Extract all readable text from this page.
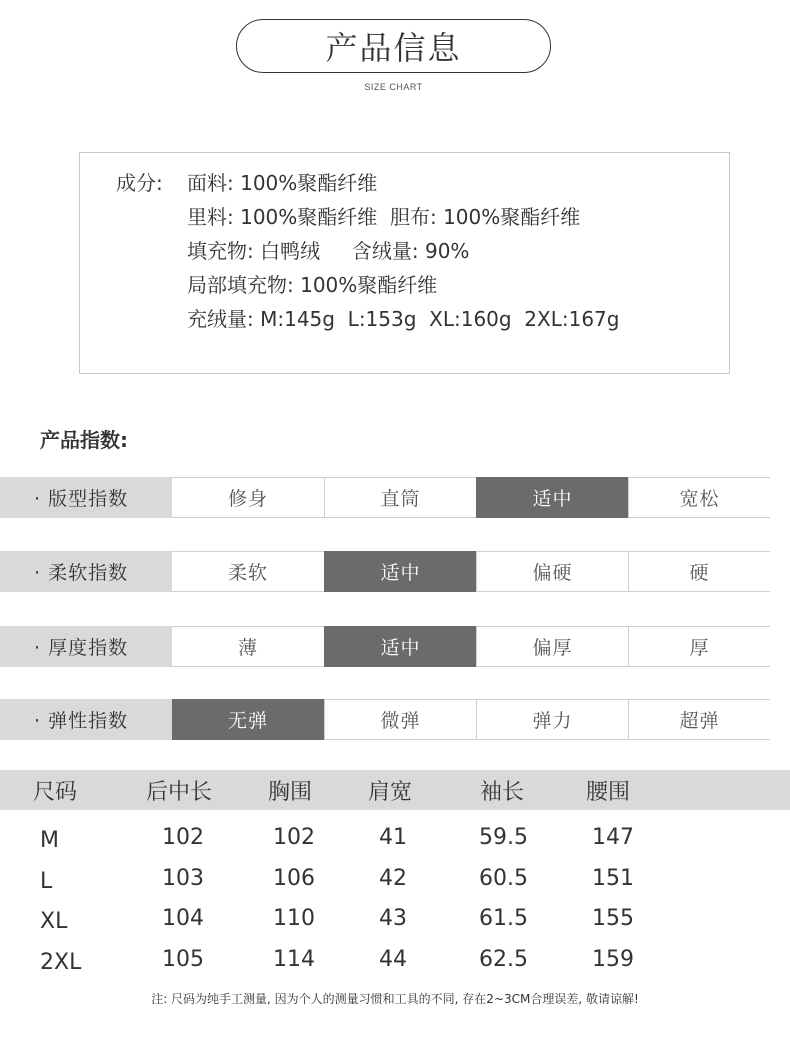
产品信息
SIZE CHART
成分: 面料: 100%聚酯纤维
里料: 100%聚酯纤维  胆布: 100%聚酯纤维
填充物: 白鸭绒     含绒量: 90%
局部填充物: 100%聚酯纤维
充绒量: M:145g  L:153g  XL:160g  2XL:167g
产品指数:
· 版型指数	修身	直筒	适中	宽松
· 柔软指数	柔软	适中	偏硬	硬
· 厚度指数	薄	适中	偏厚	厚
· 弹性指数	无弹	微弹	弹力	超弹
尺码	后中长	胸围	肩宽	袖长	腰围
M	102	102	41	59.5	147
L	103	106	42	60.5	151
XL	104	110	43	61.5	155
2XL	105	114	44	62.5	159
注: 尺码为纯手工测量, 因为个人的测量习惯和工具的不同, 存在2~3CM合理误差, 敬请谅解!
